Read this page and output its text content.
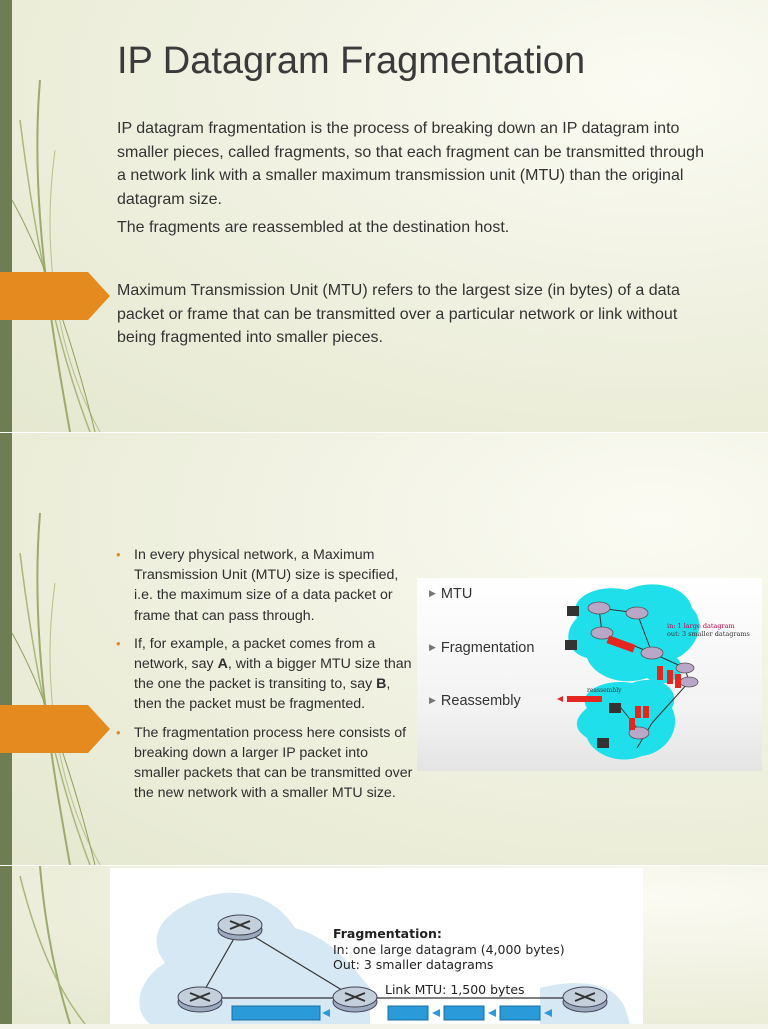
IP Datagram Fragmentation

IP datagram fragmentation is the process of breaking down an IP datagram into smaller pieces, called fragments, so that each fragment can be transmitted through a network link with a smaller maximum transmission unit (MTU) than the original datagram size.

The fragments are reassembled at the destination host.

Maximum Transmission Unit (MTU) refers to the largest size (in bytes) of a data packet or frame that can be transmitted over a particular network or link without being fragmented into smaller pieces.

• In every physical network, a Maximum Transmission Unit (MTU) size is specified, i.e. the maximum size of a data packet or frame that can pass through.
• If, for example, a packet comes from a network, say A, with a bigger MTU size than the one the packet is transiting to, say B, then the packet must be fragmented.
• The fragmentation process here consists of breaking down a larger IP packet into smaller packets that can be transmitted over the new network with a smaller MTU size.
▶ MTU
▶ Fragmentation
▶ Reassembly
in: 1 large datagram
out: 3 smaller datagrams
reassembly
Fragmentation:
In: one large datagram (4,000 bytes)
Out: 3 smaller datagrams
Link MTU: 1,500 bytes
